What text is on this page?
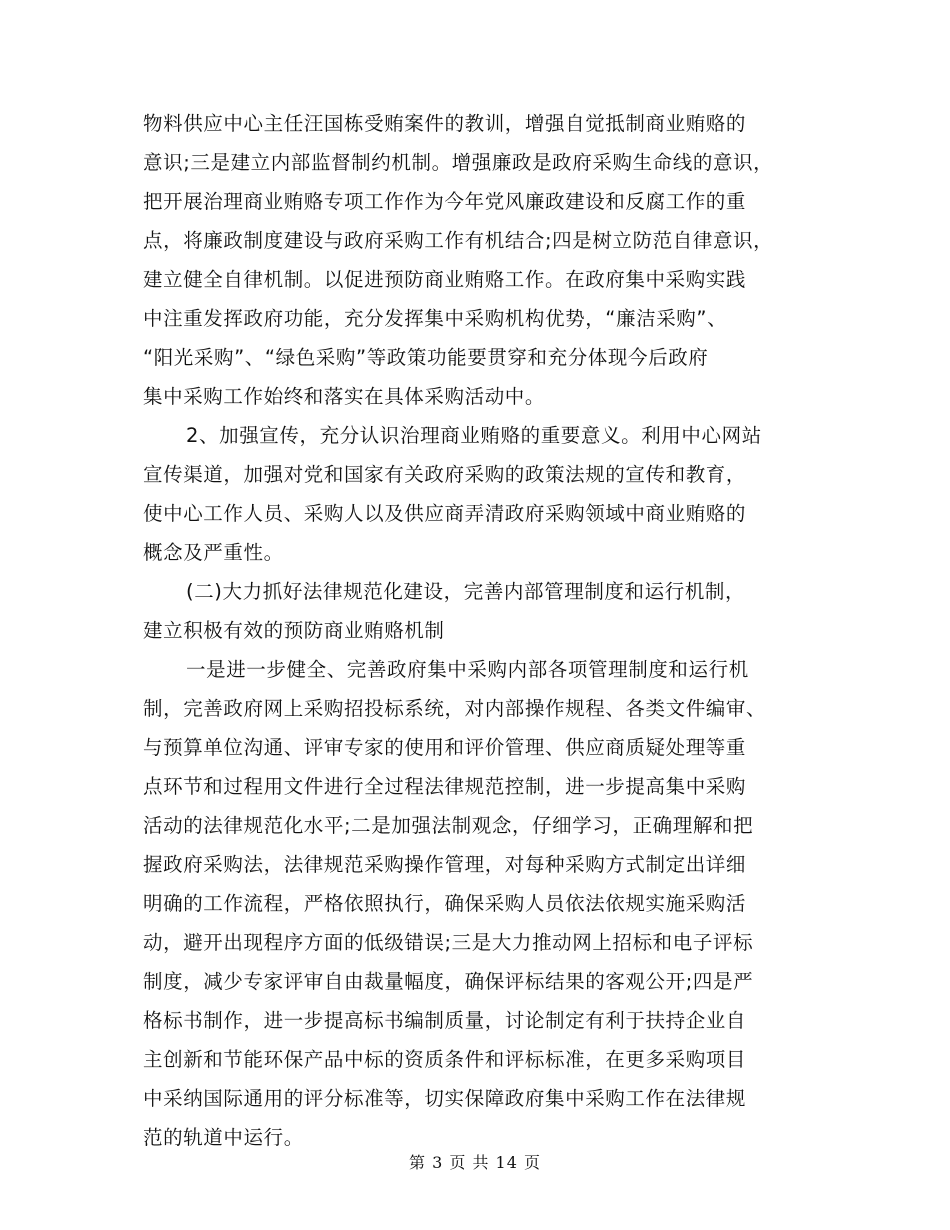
物料供应中心主任汪国栋受贿案件的教训，增强自觉抵制商业贿赂的
意识;三是建立内部监督制约机制。增强廉政是政府采购生命线的意识，
把开展治理商业贿赂专项工作作为今年党风廉政建设和反腐工作的重
点，将廉政制度建设与政府采购工作有机结合;四是树立防范自律意识，
建立健全自律机制。以促进预防商业贿赂工作。在政府集中采购实践
中注重发挥政府功能，充分发挥集中采购机构优势，“廉洁采购”、
“阳光采购”、“绿色采购”等政策功能要贯穿和充分体现今后政府
集中采购工作始终和落实在具体采购活动中。
2、加强宣传，充分认识治理商业贿赂的重要意义。利用中心网站
宣传渠道，加强对党和国家有关政府采购的政策法规的宣传和教育，
使中心工作人员、采购人以及供应商弄清政府采购领域中商业贿赂的
概念及严重性。
(二)大力抓好法律规范化建设，完善内部管理制度和运行机制，
建立积极有效的预防商业贿赂机制
一是进一步健全、完善政府集中采购内部各项管理制度和运行机
制，完善政府网上采购招投标系统，对内部操作规程、各类文件编审、
与预算单位沟通、评审专家的使用和评价管理、供应商质疑处理等重
点环节和过程用文件进行全过程法律规范控制，进一步提高集中采购
活动的法律规范化水平;二是加强法制观念，仔细学习，正确理解和把
握政府采购法，法律规范采购操作管理，对每种采购方式制定出详细
明确的工作流程，严格依照执行，确保采购人员依法依规实施采购活
动，避开出现程序方面的低级错误;三是大力推动网上招标和电子评标
制度，减少专家评审自由裁量幅度，确保评标结果的客观公开;四是严
格标书制作，进一步提高标书编制质量，讨论制定有利于扶持企业自
主创新和节能环保产品中标的资质条件和评标标准，在更多采购项目
中采纳国际通用的评分标准等，切实保障政府集中采购工作在法律规
范的轨道中运行。
第 3 页 共 14 页
